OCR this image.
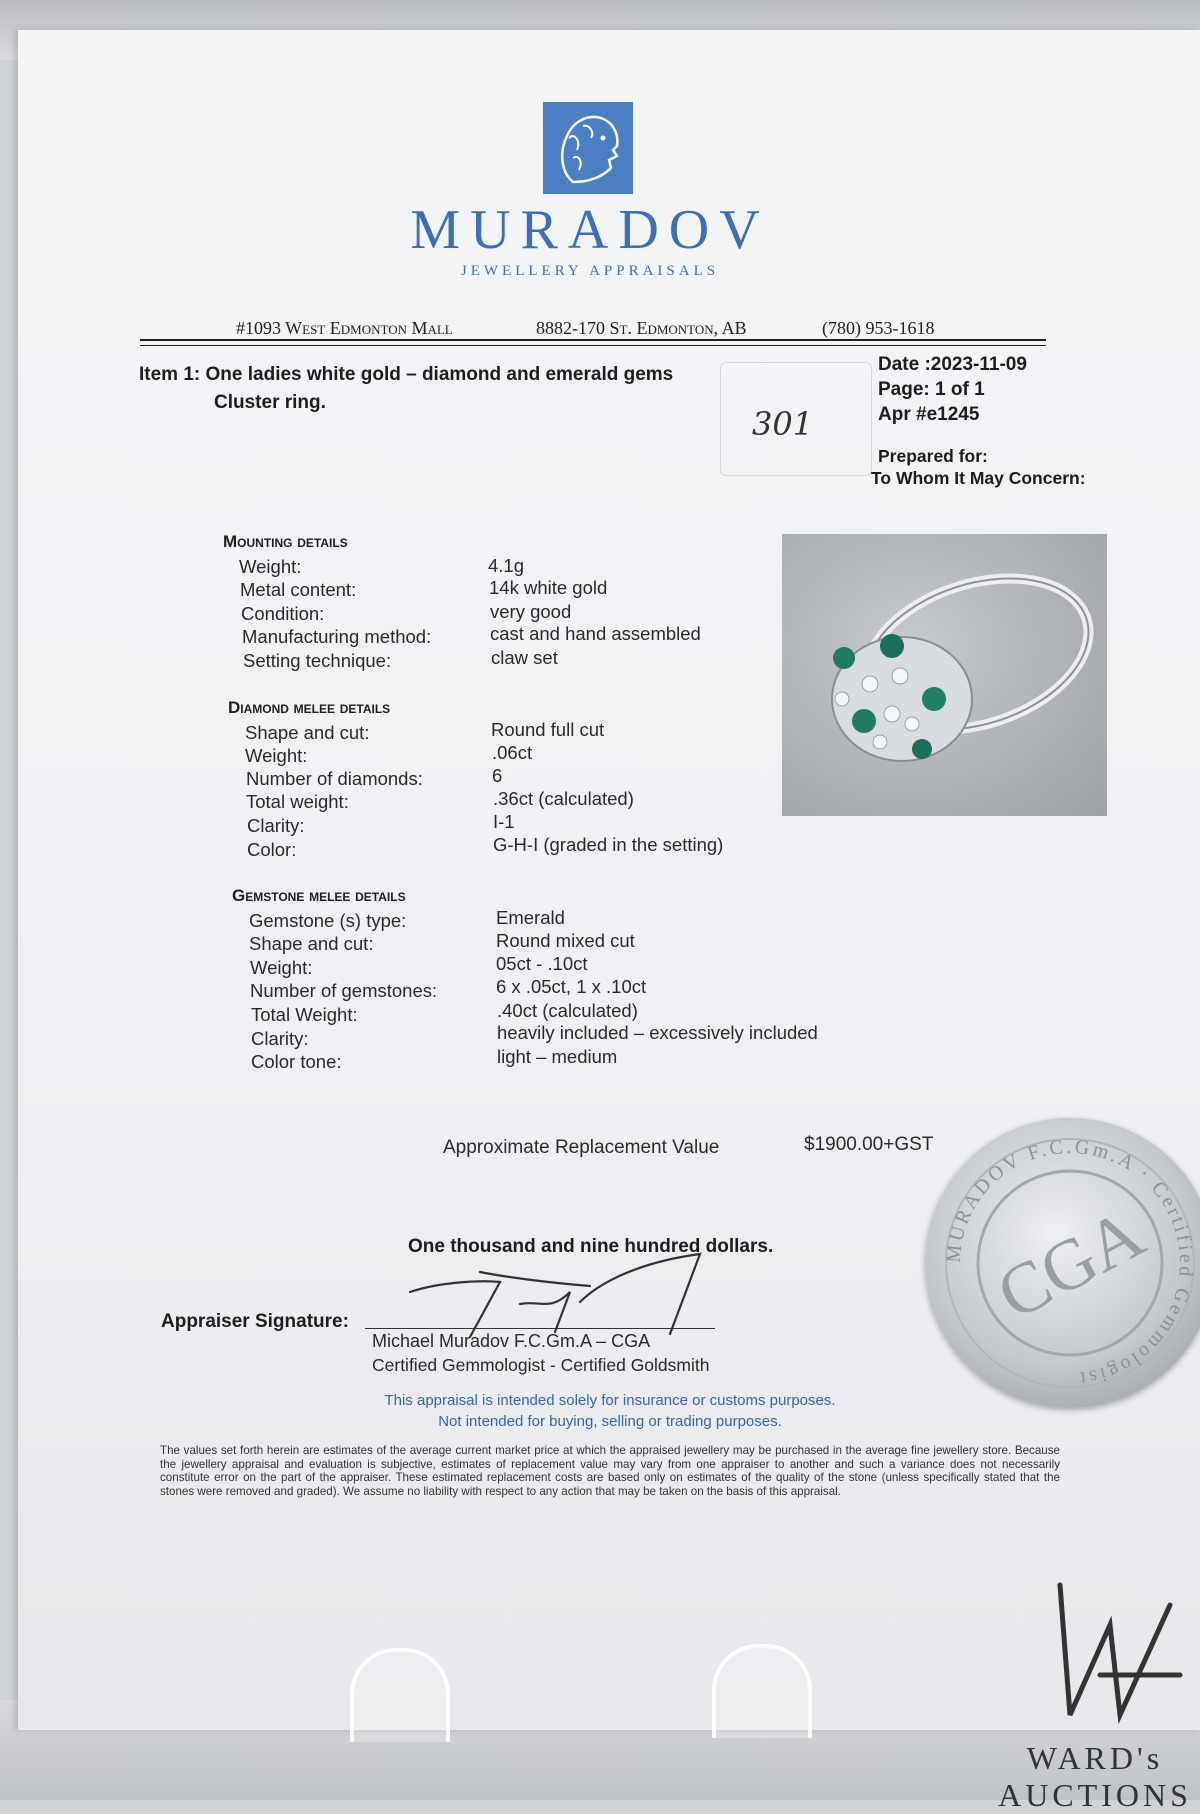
MURADOV
JEWELLERY APPRAISALS
#1093 West Edmonton Mall	8882-170 St. Edmonton, AB	(780) 953-1618
Item 1: One ladies white gold – diamond and emerald gems
Cluster ring.
301
Date :2023-11-09
Page: 1 of 1
Apr #e1245
Prepared for:
To Whom It May Concern:
Mounting details
Weight:	4.1g
Metal content:	14k white gold
Condition:	very good
Manufacturing method:	cast and hand assembled
Setting technique:	claw set
Diamond melee details
Shape and cut:	Round full cut
Weight:	.06ct
Number of diamonds:	6
Total weight:	.36ct (calculated)
Clarity:	I-1
Color:	G-H-I (graded in the setting)
Gemstone melee details
Gemstone (s) type:	Emerald
Shape and cut:	Round mixed cut
Weight:	05ct - .10ct
Number of gemstones:	6 x .05ct, 1 x .10ct
Total Weight:	.40ct (calculated)
Clarity:	heavily included – excessively included
Color tone:	light – medium
Approximate Replacement Value	$1900.00+GST
One thousand and nine hundred dollars.
Appraiser Signature:
Michael Muradov F.C.Gm.A – CGA
Certified Gemmologist - Certified Goldsmith
This appraisal is intended solely for insurance or customs purposes.
Not intended for buying, selling or trading purposes.
The values set forth herein are estimates of the average current market price at which the appraised jewellery may be purchased in the average fine jewellery store. Because the jewellery appraisal and evaluation is subjective, estimates of replacement value may vary from one appraiser to another and such a variance does not necessarily constitute error on the part of the appraiser. These estimated replacement costs are based only on estimates of the quality of the stone (unless specifically stated that the stones were removed and graded). We assume no liability with respect to any action that may be taken on the basis of this appraisal.
MURADOV F.C.Gm.A · Certified Gemmologist
CGA
WARD's AUCTIONS
